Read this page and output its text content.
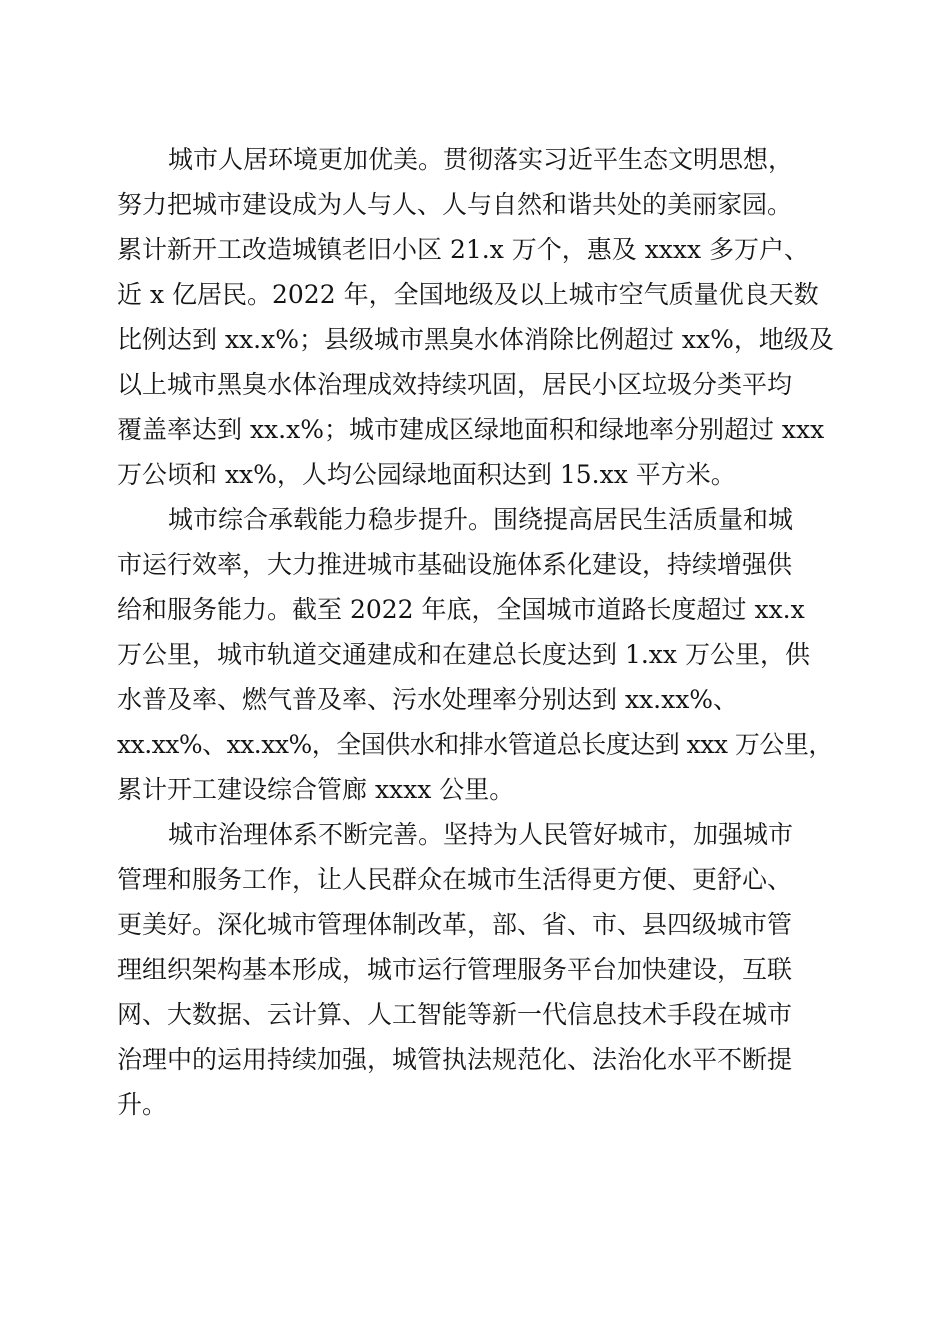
城市人居环境更加优美。贯彻落实习近平生态文明思想，
努力把城市建设成为人与人、人与自然和谐共处的美丽家园。
累计新开工改造城镇老旧小区 21.x 万个，惠及 xxxx 多万户、
近 x 亿居民。2022 年，全国地级及以上城市空气质量优良天数
比例达到 xx.x%；县级城市黑臭水体消除比例超过 xx%，地级及
以上城市黑臭水体治理成效持续巩固，居民小区垃圾分类平均
覆盖率达到 xx.x%；城市建成区绿地面积和绿地率分别超过 xxx
万公顷和 xx%，人均公园绿地面积达到 15.xx 平方米。
城市综合承载能力稳步提升。围绕提高居民生活质量和城
市运行效率，大力推进城市基础设施体系化建设，持续增强供
给和服务能力。截至 2022 年底，全国城市道路长度超过 xx.x
万公里，城市轨道交通建成和在建总长度达到 1.xx 万公里，供
水普及率、燃气普及率、污水处理率分别达到 xx.xx%、
xx.xx%、xx.xx%，全国供水和排水管道总长度达到 xxx 万公里，
累计开工建设综合管廊 xxxx 公里。
城市治理体系不断完善。坚持为人民管好城市，加强城市
管理和服务工作，让人民群众在城市生活得更方便、更舒心、
更美好。深化城市管理体制改革，部、省、市、县四级城市管
理组织架构基本形成，城市运行管理服务平台加快建设，互联
网、大数据、云计算、人工智能等新一代信息技术手段在城市
治理中的运用持续加强，城管执法规范化、法治化水平不断提
升。
